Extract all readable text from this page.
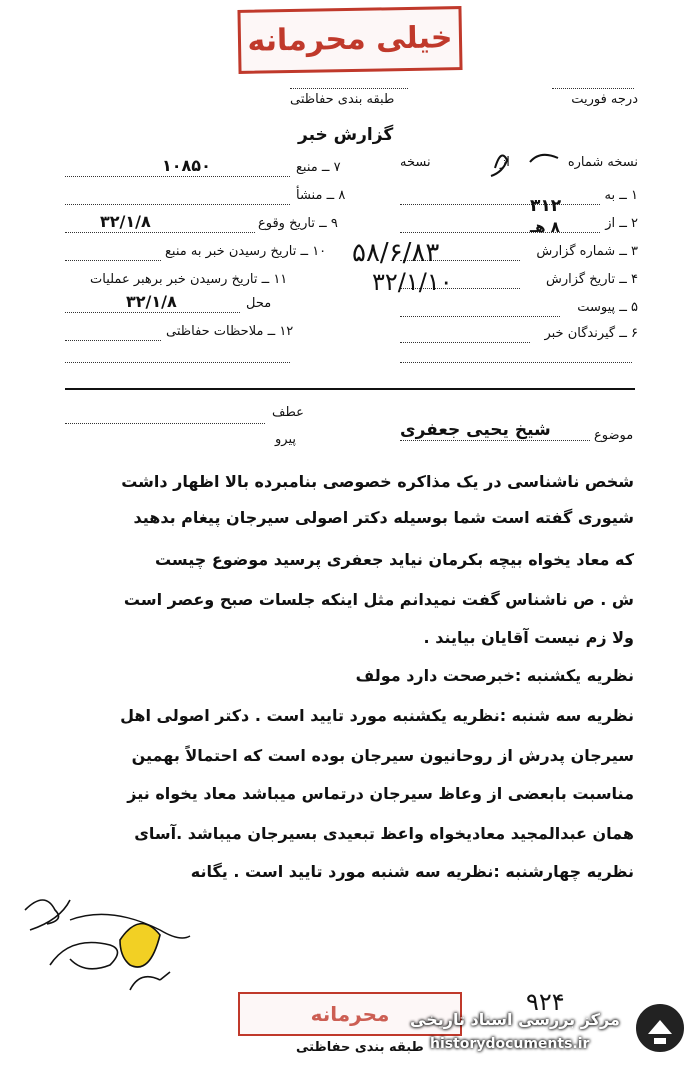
خیلی محرمانه
درجه فوریت
طبقه بندی حفاظتی
گزارش خبر
نسخه شماره
از
نسخه
۱ ــ به
۳۱۲
۲ ــ از
۸ هـ
۳ ــ شماره گزارش
۵۸/۶/۸۳
۴ ــ تاریخ گزارش
۳۲/۱/۱۰
۵ ــ پیوست
۶ ــ گیرندگان خبر
۷ ــ منبع
۱۰۸۵۰
۸ ــ منشأ
۹ ــ تاریخ وقوع
۳۲/۱/۸
۱۰ ــ تاریخ رسیدن خبر به منبع
۱۱ ــ تاریخ رسیدن خبر برهبر عملیات
محل
۳۲/۱/۸
۱۲ ــ ملاحظات حفاظتی
عطف
پیرو	موضوع
شیخ یحیی جعفری
شخص ناشناسی در یک مذاکره خصوصی بنامبرده بالا اظهار داشت
شیوری گفته است شما بوسیله دکتر اصولی سیرجان پیغام بدهید
که معاد یخواه بیچه بکرمان نیاید جعفری پرسید موضوع چیست
ش . ص ناشناس گفت نمیدانم مثل اینکه جلسات صبح وعصر است
ولا زم نیست آقایان بیایند .
نظریه یکشنبه :خبرصحت دارد مولف
نظریه سه شنبه :نظریه یکشنبه مورد تایید است . دکتر اصولی اهل
سیرجان پدرش از روحانیون سیرجان بوده است که احتمالاً بهمین
مناسبت بابعضی از وعاظ سیرجان درتماس میباشد معاد یخواه نیز
همان عبدالمجید معادیخواه واعظ تبعیدی بسیرجان میباشد .آسای
نظریه چهارشنبه :نظریه سه شنبه مورد تایید است . یگانه
۹۲۴
محرمانه
طبقه بندی حفاظتی
مرکز بررسی اسناد تاریخی
historydocuments.ir
